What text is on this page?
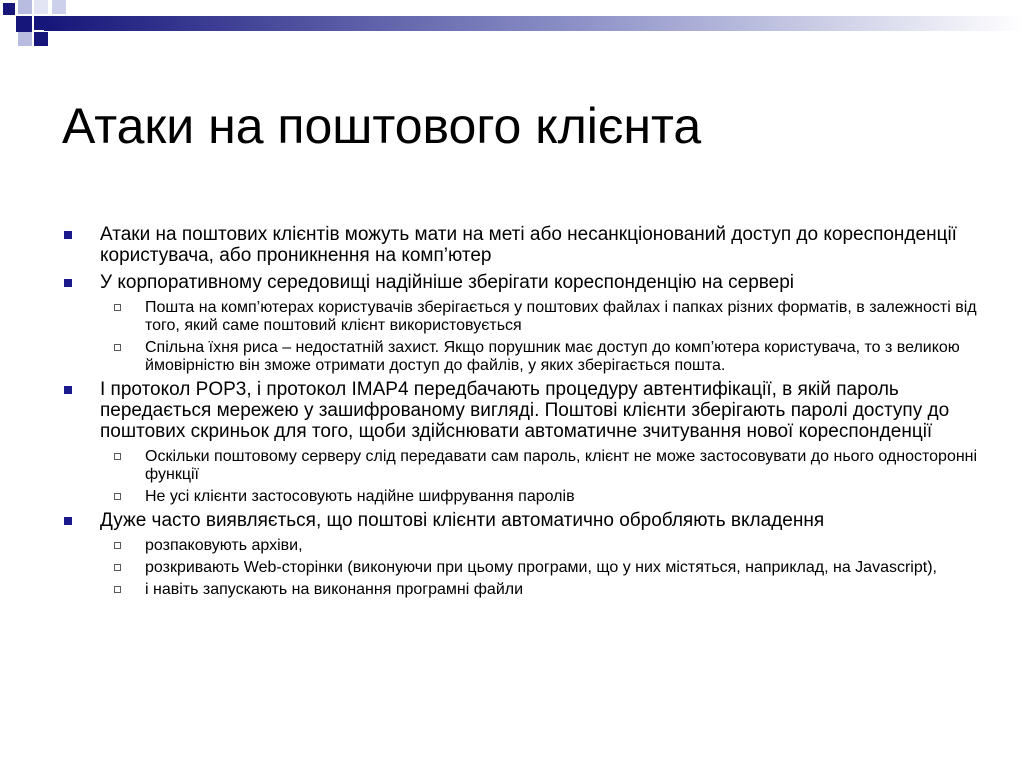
Атаки на поштового клієнта
Атаки на поштових клієнтів можуть мати на меті або несанкціонований доступ до кореспонденції користувача, або проникнення на комп’ютер
У корпоративному середовищі надійніше зберігати кореспонденцію на сервері
Пошта на комп’ютерах користувачів зберігається у поштових файлах і папках різних форматів, в залежності від того, який саме поштовий клієнт використовується
Спільна їхня риса – недостатній захист. Якщо порушник має доступ до комп’ютера користувача, то з великою ймовірністю він зможе отримати доступ до файлів, у яких зберігається пошта.
І протокол POP3, і протокол IMAP4 передбачають процедуру автентифікації, в якій пароль передається мережею у зашифрованому вигляді. Поштові клієнти зберігають паролі доступу до поштових скриньок для того, щоби здійснювати автоматичне зчитування нової кореспонденції
Оскільки поштовому серверу слід передавати сам пароль, клієнт не може застосовувати до нього односторонні функції
Не усі клієнти застосовують надійне шифрування паролів
Дуже часто виявляється, що поштові клієнти автоматично обробляють вкладення
розпаковують архіви,
розкривають Web-сторінки (виконуючи при цьому програми, що у них містяться, наприклад, на Javascript),
і навіть запускають на виконання програмні файли
